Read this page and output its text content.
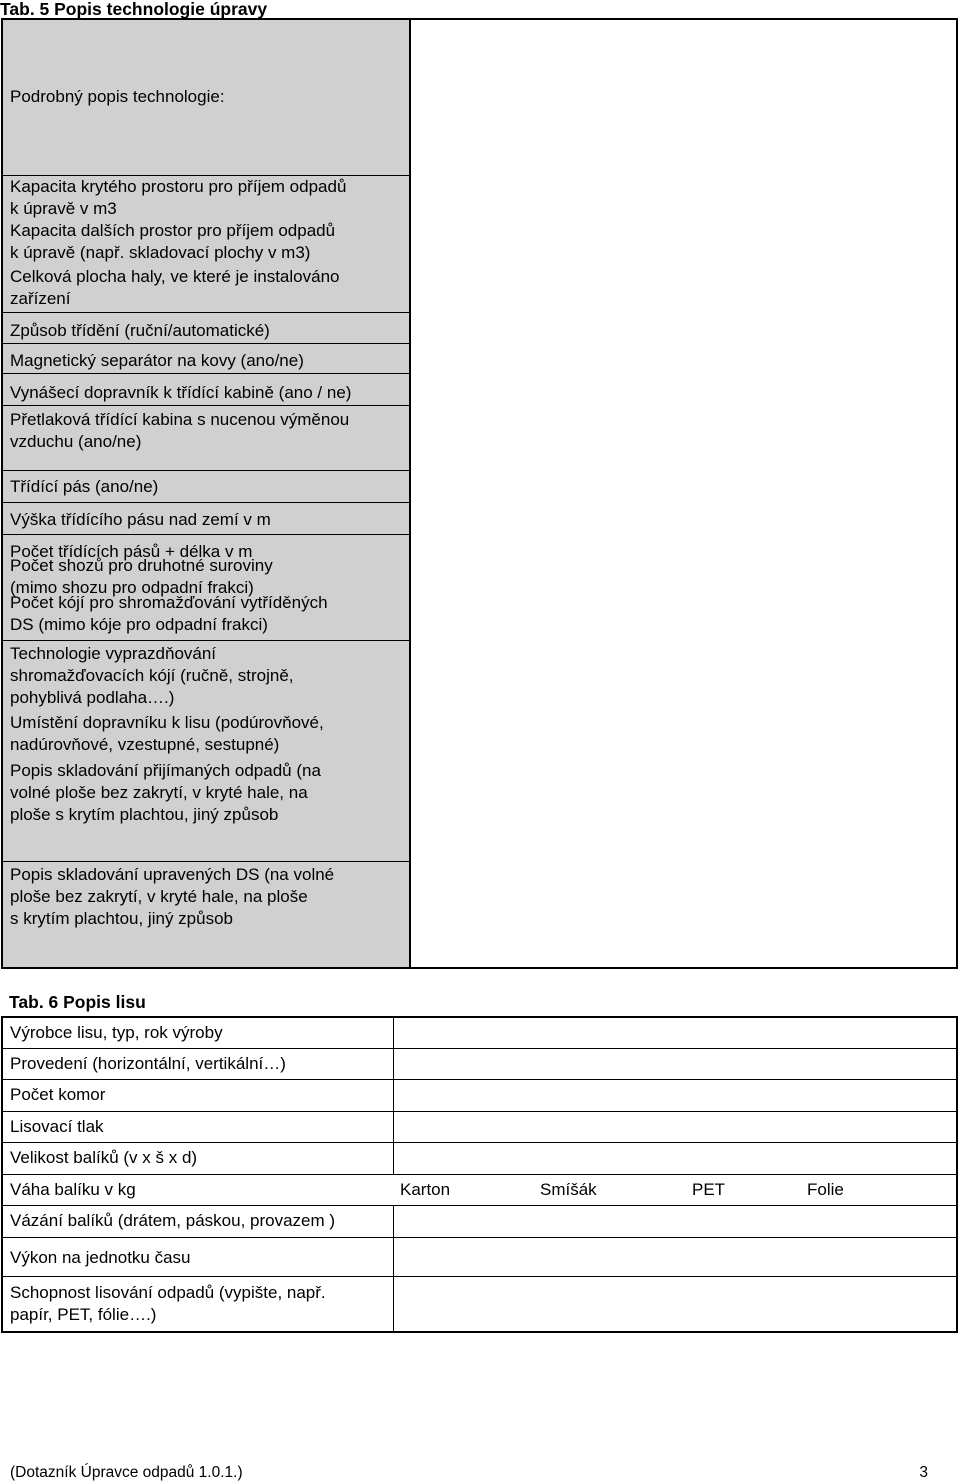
Tab. 5 Popis technologie úpravy
Podrobný popis technologie:
Kapacita krytého prostoru pro příjem odpadů
k úpravě v m3
Kapacita dalších prostor pro příjem odpadů
k úpravě (např. skladovací plochy v m3)
Celková plocha haly, ve které je instalováno
zařízení
Způsob třídění (ruční/automatické)
Magnetický separátor na kovy (ano/ne)
Vynášecí dopravník k třídící kabině (ano / ne)
Přetlaková třídící kabina s nucenou výměnou
vzduchu (ano/ne)
Třídící pás (ano/ne)
Výška třídícího pásu nad zemí v m
Počet třídících pásů + délka v m
Počet shozů pro druhotné suroviny
(mimo shozu pro odpadní frakci)
Počet kójí pro shromažďování vytříděných
DS (mimo kóje pro odpadní frakci)
Technologie vyprazdňování
shromažďovacích kójí (ručně, strojně,
pohyblivá podlaha….)
Umístění dopravníku k lisu (podúrovňové,
nadúrovňové, vzestupné, sestupné)
Popis skladování přijímaných odpadů (na
volné ploše bez zakrytí, v kryté hale, na
ploše s krytím plachtou, jiný způsob
Popis skladování upravených DS (na volné
ploše bez zakrytí, v kryté hale, na ploše
s krytím plachtou, jiný způsob
Tab. 6 Popis lisu
Výrobce lisu, typ, rok výroby
Provedení (horizontální, vertikální…)
Počet komor
Lisovací tlak
Velikost balíků (v x š x d)
Váha balíku v kg	Karton	Smíšák	PET	Folie
Vázání balíků (drátem, páskou, provazem )
Výkon na jednotku času
Schopnost lisování odpadů (vypište, např.
papír, PET, fólie….)
(Dotazník Úpravce odpadů 1.0.1.)	3
